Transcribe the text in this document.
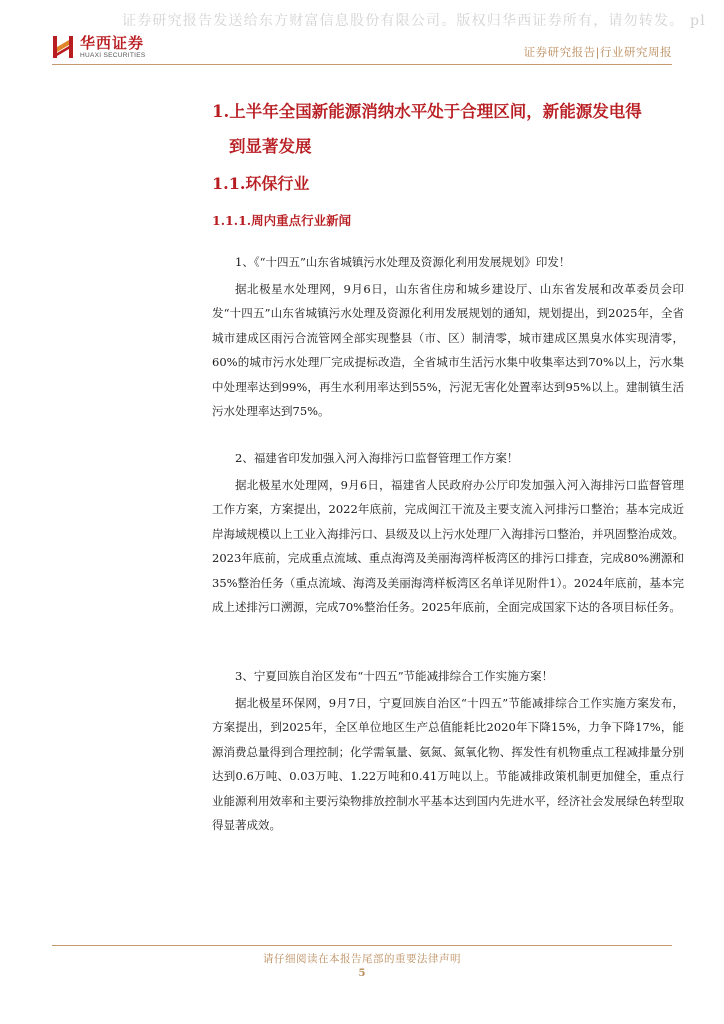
证券研究报告发送给东方财富信息股份有限公司。版权归华西证券所有，请勿转发。 pl
华西证券
HUAXI SECURITIES	证券研究报告|行业研究周报
1.上半年全国新能源消纳水平处于合理区间，新能源发电得
到显著发展
1.1.环保行业
1.1.1.周内重点行业新闻
1、《“十四五”山东省城镇污水处理及资源化利用发展规划》印发！
据北极星水处理网，9月6日，山东省住房和城乡建设厅、山东省发展和改革委员会印发“十四五”山东省城镇污水处理及资源化利用发展规划的通知，规划提出，到2025年，全省城市建成区雨污合流管网全部实现整县（市、区）制清零，城市建成区黑臭水体实现清零，60%的城市污水处理厂完成提标改造，全省城市生活污水集中收集率达到70%以上，污水集中处理率达到99%，再生水利用率达到55%，污泥无害化处置率达到95%以上。建制镇生活污水处理率达到75%。
2、福建省印发加强入河入海排污口监督管理工作方案！
据北极星水处理网，9月6日，福建省人民政府办公厅印发加强入河入海排污口监督管理工作方案，方案提出，2022年底前，完成闽江干流及主要支流入河排污口整治；基本完成近岸海域规模以上工业入海排污口、县级及以上污水处理厂入海排污口整治，并巩固整治成效。2023年底前，完成重点流域、重点海湾及美丽海湾样板湾区的排污口排查，完成80%溯源和35%整治任务（重点流域、海湾及美丽海湾样板湾区名单详见附件1）。2024年底前，基本完成上述排污口溯源，完成70%整治任务。2025年底前，全面完成国家下达的各项目标任务。
3、宁夏回族自治区发布“十四五”节能减排综合工作实施方案！
据北极星环保网，9月7日，宁夏回族自治区“十四五”节能减排综合工作实施方案发布，方案提出，到2025年，全区单位地区生产总值能耗比2020年下降15%，力争下降17%，能源消费总量得到合理控制；化学需氧量、氨氮、氮氧化物、挥发性有机物重点工程减排量分别达到0.6万吨、0.03万吨、1.22万吨和0.41万吨以上。节能减排政策机制更加健全，重点行业能源利用效率和主要污染物排放控制水平基本达到国内先进水平，经济社会发展绿色转型取得显著成效。
请仔细阅读在本报告尾部的重要法律声明
5
